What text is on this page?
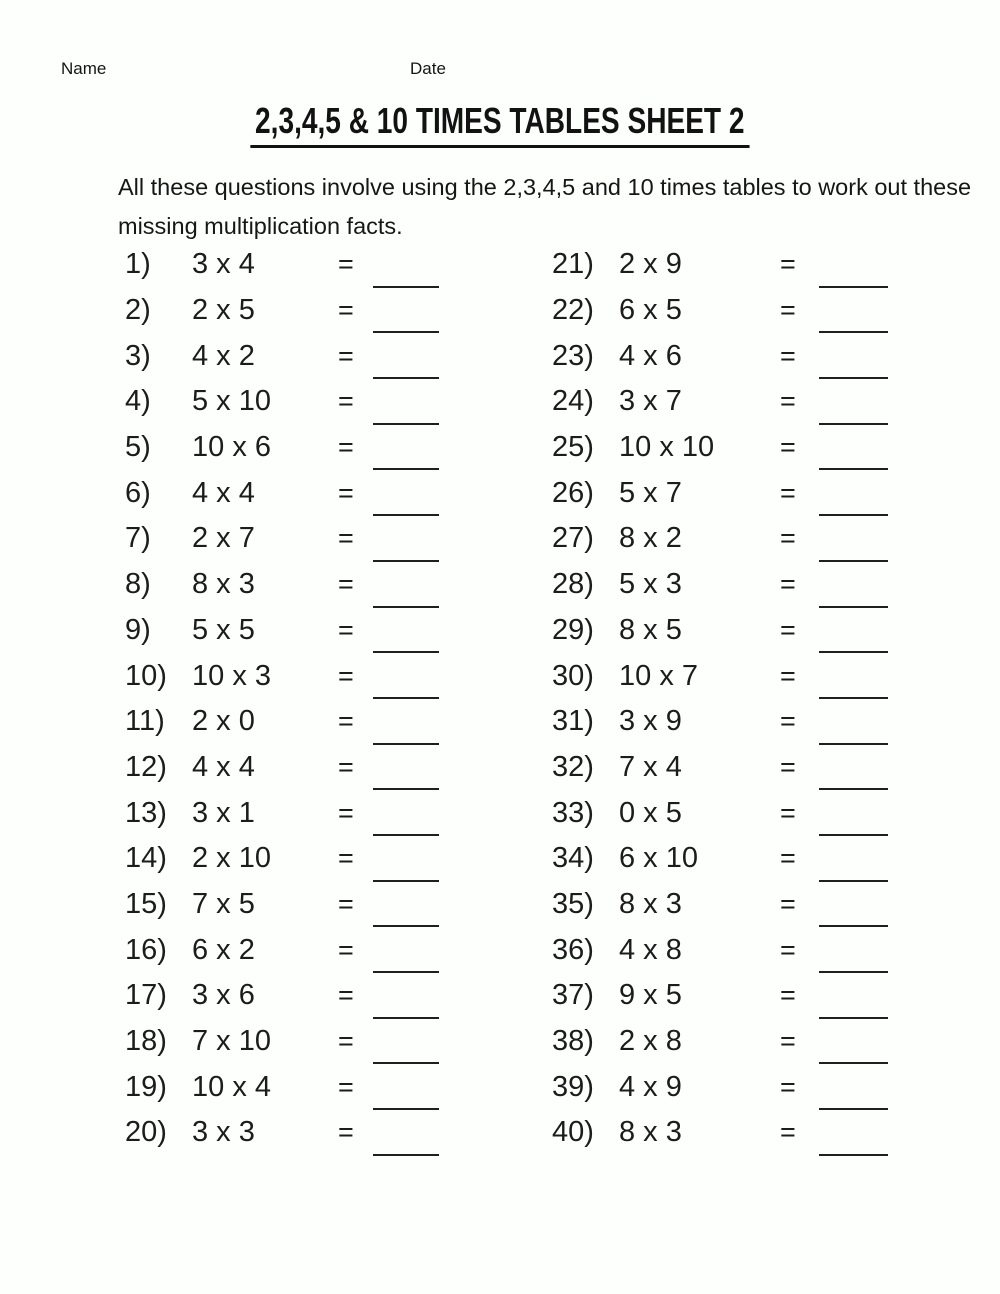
Name	Date
2,3,4,5 & 10 TIMES TABLES SHEET 2

All these questions involve using the 2,3,4,5 and 10 times tables to work out these missing multiplication facts.

1)	3 x 4	=
2)	2 x 5	=
3)	4 x 2	=
4)	5 x 10	=
5)	10 x 6	=
6)	4 x 4	=
7)	2 x 7	=
8)	8 x 3	=
9)	5 x 5	=
10) 10 x 3	=
11) 2 x 0	=
12) 4 x 4	=
13) 3 x 1	=
14) 2 x 10	=
15) 7 x 5	=
16) 6 x 2	=
17) 3 x 6	=
18) 7 x 10	=
19) 10 x 4	=
20) 3 x 3	=
21) 2 x 9	=
22) 6 x 5	=
23) 4 x 6	=
24) 3 x 7	=
25) 10 x 10	=
26) 5 x 7	=
27) 8 x 2	=
28) 5 x 3	=
29) 8 x 5	=
30) 10 x 7	=
31) 3 x 9	=
32) 7 x 4	=
33) 0 x 5	=
34) 6 x 10	=
35) 8 x 3	=
36) 4 x 8	=
37) 9 x 5	=
38) 2 x 8	=
39) 4 x 9	=
40) 8 x 3	=
